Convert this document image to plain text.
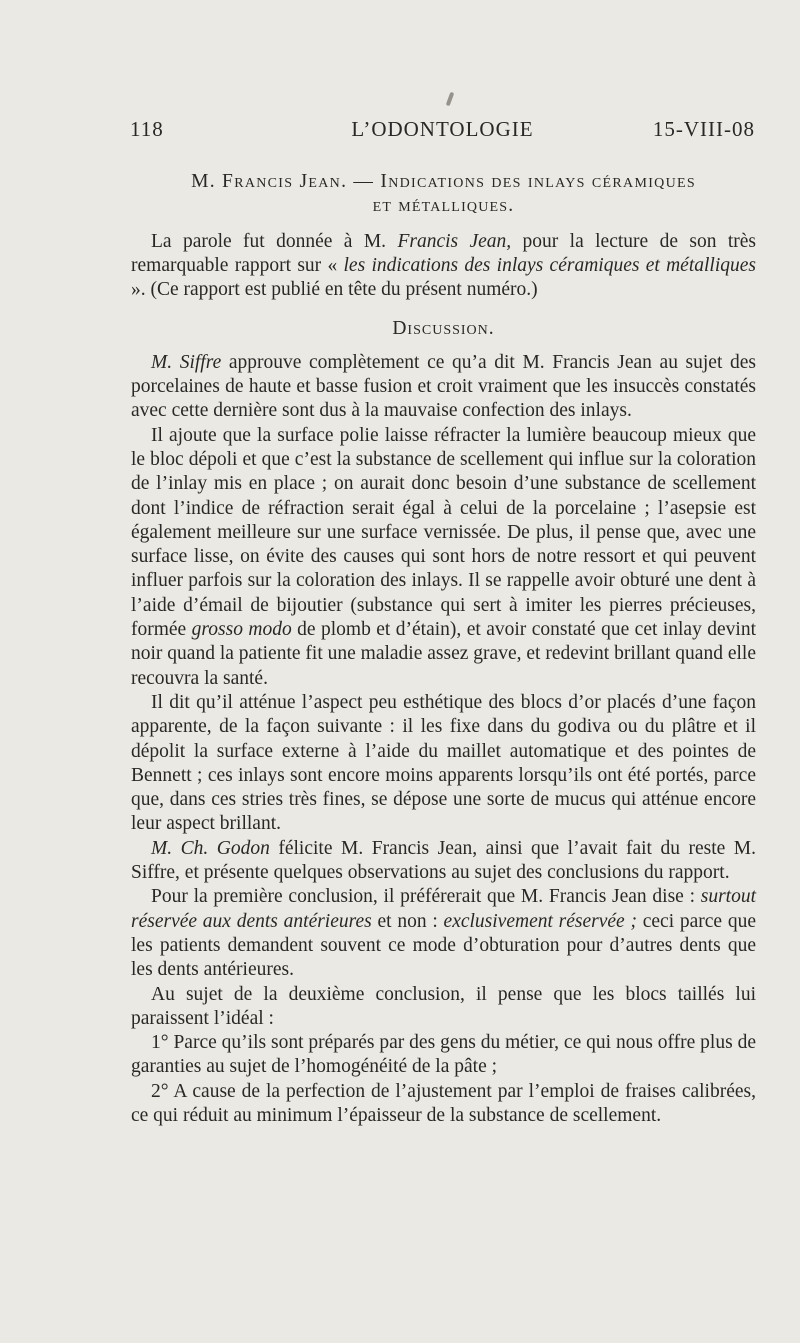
118	L’ODONTOLOGIE	15-VIII-08

M. Francis Jean. — Indications des inlays céramiques

et métalliques.

La parole fut donnée à M. Francis Jean, pour la lecture de son très remarquable rapport sur « les indications des inlays céramiques et métalliques ». (Ce rapport est publié en tête du présent numéro.)

Discussion.

M. Siffre approuve complètement ce qu’a dit M. Francis Jean au sujet des porcelaines de haute et basse fusion et croit vraiment que les insuccès constatés avec cette dernière sont dus à la mauvaise confection des inlays.

Il ajoute que la surface polie laisse réfracter la lumière beaucoup mieux que le bloc dépoli et que c’est la substance de scellement qui influe sur la coloration de l’inlay mis en place ; on aurait donc besoin d’une substance de scellement dont l’indice de réfraction serait égal à celui de la porcelaine ; l’asepsie est également meilleure sur une surface vernissée. De plus, il pense que, avec une surface lisse, on évite des causes qui sont hors de notre ressort et qui peuvent influer parfois sur la coloration des inlays. Il se rappelle avoir obturé une dent à l’aide d’émail de bijoutier (substance qui sert à imiter les pierres précieuses, formée grosso modo de plomb et d’étain), et avoir constaté que cet inlay devint noir quand la patiente fit une maladie assez grave, et redevint brillant quand elle recouvra la santé.

Il dit qu’il atténue l’aspect peu esthétique des blocs d’or placés d’une façon apparente, de la façon suivante : il les fixe dans du godiva ou du plâtre et il dépolit la surface externe à l’aide du maillet automatique et des pointes de Bennett ; ces inlays sont encore moins apparents lorsqu’ils ont été portés, parce que, dans ces stries très fines, se dépose une sorte de mucus qui atténue encore leur aspect brillant.

M. Ch. Godon félicite M. Francis Jean, ainsi que l’avait fait du reste M. Siffre, et présente quelques observations au sujet des conclusions du rapport.

Pour la première conclusion, il préférerait que M. Francis Jean dise : surtout réservée aux dents antérieures et non : exclusivement réservée ; ceci parce que les patients demandent souvent ce mode d’obturation pour d’autres dents que les dents antérieures.

Au sujet de la deuxième conclusion, il pense que les blocs taillés lui paraissent l’idéal :

1° Parce qu’ils sont préparés par des gens du métier, ce qui nous offre plus de garanties au sujet de l’homogénéité de la pâte ;

2° A cause de la perfection de l’ajustement par l’emploi de fraises calibrées, ce qui réduit au minimum l’épaisseur de la substance de scellement.
